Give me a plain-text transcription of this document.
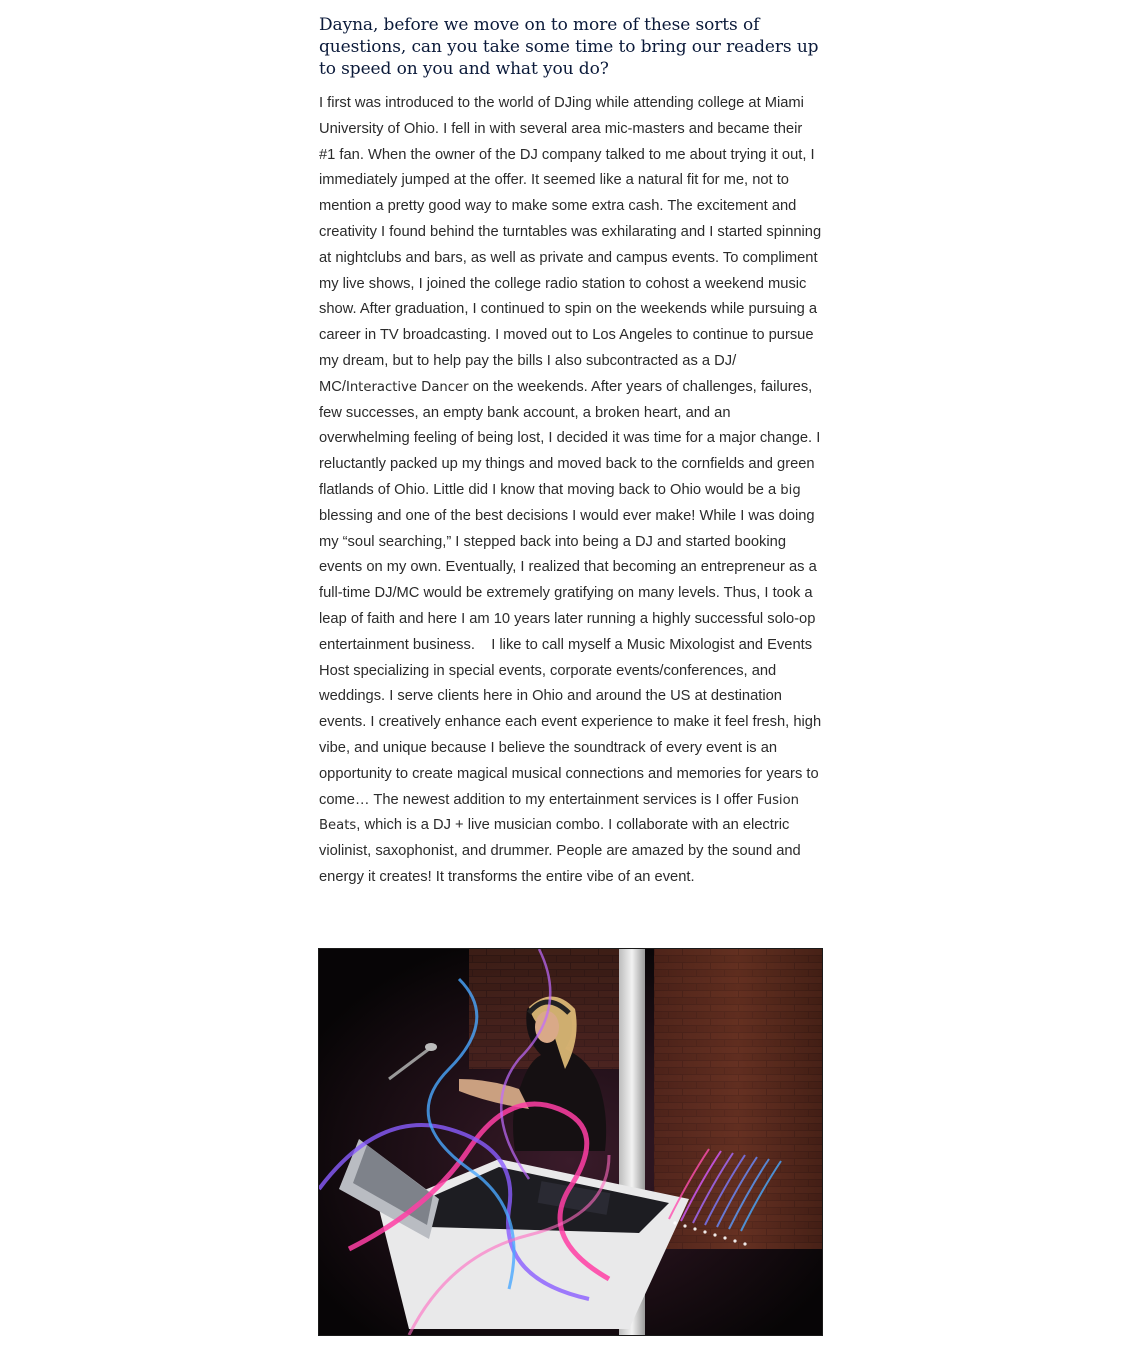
Dayna, before we move on to more of these sorts of questions, can you take some time to bring our readers up to speed on you and what you do?

I first was introduced to the world of DJing while attending college at Miami University of Ohio. I fell in with several area mic-masters and became their #1 fan. When the owner of the DJ company talked to me about trying it out, I immediately jumped at the offer. It seemed like a natural fit for me, not to mention a pretty good way to make some extra cash. The excitement and creativity I found behind the turntables was exhilarating and I started spinning at nightclubs and bars, as well as private and campus events. To compliment my live shows, I joined the college radio station to cohost a weekend music show. After graduation, I continued to spin on the weekends while pursuing a career in TV broadcasting. I moved out to Los Angeles to continue to pursue my dream, but to help pay the bills I also subcontracted as a DJ/ MC/Interactive Dancer on the weekends. After years of challenges, failures, few successes, an empty bank account, a broken heart, and an overwhelming feeling of being lost, I decided it was time for a major change. I reluctantly packed up my things and moved back to the cornfields and green flatlands of Ohio. Little did I know that moving back to Ohio would be a big blessing and one of the best decisions I would ever make! While I was doing my “soul searching,” I stepped back into being a DJ and started booking events on my own. Eventually, I realized that becoming an entrepreneur as a full-time DJ/MC would be extremely gratifying on many levels. Thus, I took a leap of faith and here I am 10 years later running a highly successful solo-op entertainment business.    I like to call myself a Music Mixologist and Events Host specializing in special events, corporate events/conferences, and weddings. I serve clients here in Ohio and around the US at destination events. I creatively enhance each event experience to make it feel fresh, high vibe, and unique because I believe the soundtrack of every event is an opportunity to create magical musical connections and memories for years to come… The newest addition to my entertainment services is I offer Fusion Beats, which is a DJ + live musician combo. I collaborate with an electric violinist, saxophonist, and drummer. People are amazed by the sound and energy it creates! It transforms the entire vibe of an event.
